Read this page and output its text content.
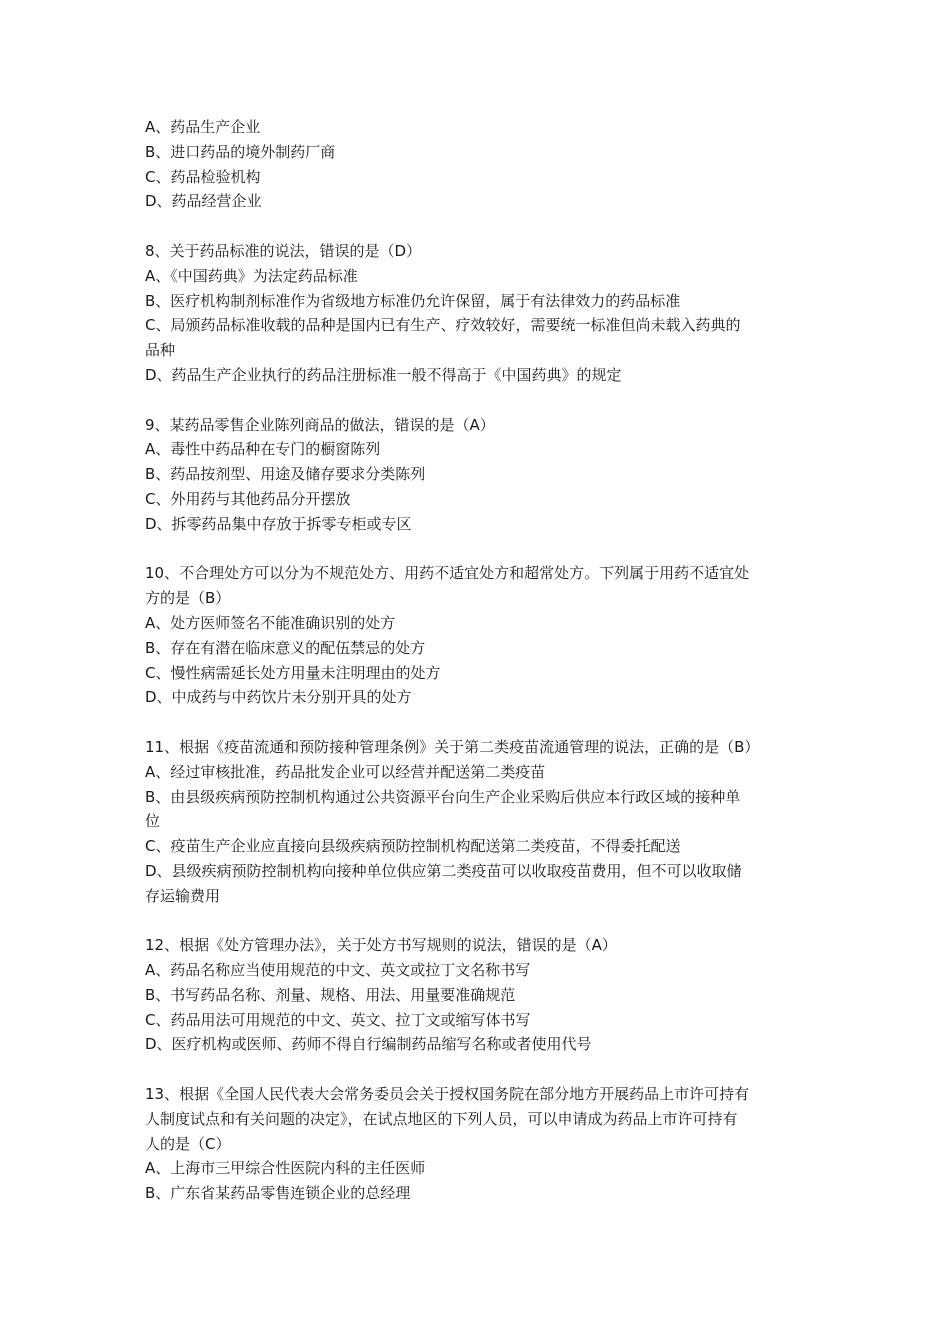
A、药品生产企业
B、进口药品的境外制药厂商
C、药品检验机构
D、药品经营企业
8、关于药品标准的说法，错误的是（D）
A、《中国药典》为法定药品标准
B、医疗机构制剂标准作为省级地方标准仍允许保留，属于有法律效力的药品标准
C、局颁药品标准收载的品种是国内已有生产、疗效较好，需要统一标准但尚未载入药典的
品种
D、药品生产企业执行的药品注册标准一般不得高于《中国药典》的规定
9、某药品零售企业陈列商品的做法，错误的是（A）
A、毒性中药品种在专门的橱窗陈列
B、药品按剂型、用途及储存要求分类陈列
C、外用药与其他药品分开摆放
D、拆零药品集中存放于拆零专柜或专区
10、不合理处方可以分为不规范处方、用药不适宜处方和超常处方。下列属于用药不适宜处
方的是（B）
A、处方医师签名不能准确识别的处方
B、存在有潜在临床意义的配伍禁忌的处方
C、慢性病需延长处方用量未注明理由的处方
D、中成药与中药饮片未分别开具的处方
11、根据《疫苗流通和预防接种管理条例》关于第二类疫苗流通管理的说法，正确的是（B）
A、经过审核批准，药品批发企业可以经营并配送第二类疫苗
B、由县级疾病预防控制机构通过公共资源平台向生产企业采购后供应本行政区域的接种单
位
C、疫苗生产企业应直接向县级疾病预防控制机构配送第二类疫苗，不得委托配送
D、县级疾病预防控制机构向接种单位供应第二类疫苗可以收取疫苗费用，但不可以收取储
存运输费用
12、根据《处方管理办法》，关于处方书写规则的说法，错误的是（A）
A、药品名称应当使用规范的中文、英文或拉丁文名称书写
B、书写药品名称、剂量、规格、用法、用量要准确规范
C、药品用法可用规范的中文、英文、拉丁文或缩写体书写
D、医疗机构或医师、药师不得自行编制药品缩写名称或者使用代号
13、根据《全国人民代表大会常务委员会关于授权国务院在部分地方开展药品上市许可持有
人制度试点和有关问题的决定》，在试点地区的下列人员，可以申请成为药品上市许可持有
人的是（C）
A、上海市三甲综合性医院内科的主任医师
B、广东省某药品零售连锁企业的总经理
